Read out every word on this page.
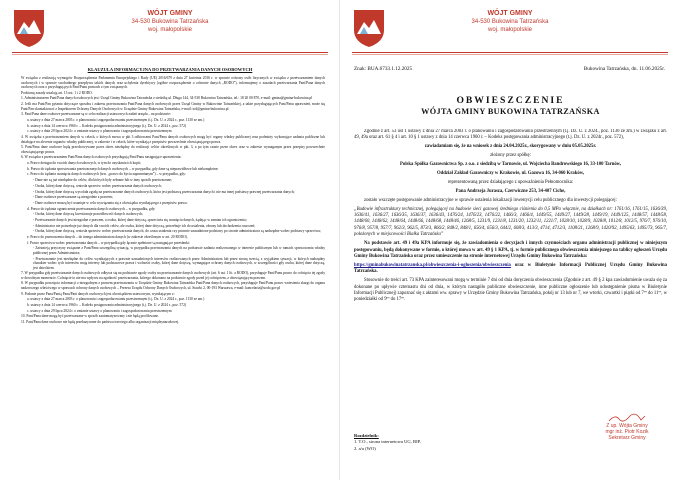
WÓJT GMINY
34-530 Bukowina Tatrzańska
woj. małopolskie
KLAUZULA INFORMACYJNA DO PRZETWARZANIA DANYCH OSOBOWYCH

W związku z realizacją wymogów Rozporządzenia Parlamentu Europejskiego i Rady (UE) 2016/679 z dnia 27 kwietnia 2016 r. w sprawie ochrony osób fizycznych w związku z przetwarzaniem danych osobowych i w sprawie swobodnego przepływu takich danych oraz uchylenia dyrektywy (ogólne rozporządzenie o ochronie danych „RODO”), informujemy o zasadach przetwarzania Pani/Pana danych osobowych oraz o przysługujących Pani/Panu prawach z tym związanych.

Podstawę zasady ustalają art. 13 ust. 1 i 2 RODO.

1. Administratorem Pani/Pana danych osobowych jest: Urząd Gminy Bukowina Tatrzańska z siedzibą ul. Długa 144, 34-530 Bukowina Tatrzańska, tel.: 18 20 00 870, e-mail: gmina@gmina-bukowina.pl

2. Jeśli ma Pani/Pan pytania dotyczące sposobu i zakresu przetwarzania Pani/Pana danych osobowych przez Urząd Gminy w Bukowinie Tatrzańskiej, a także przysługujących Pani/Panu uprawnień, może się Pani/Pan skontaktować z Inspektorem Ochrony Danych Osobowych w Urzędzie Gminy Bukowina Tatrzańska, e-mail: iod@gmina-bukowina.pl

3. Pani/Pana dane osobowe przetwarzane są w celu realizacji ustawowych zadań urzędu – na podstawie:

a. ustawy z dnia 27 marca 2003 r. o planowaniu i zagospodarowaniu przestrzennym (t.j. Dz. U. z 2024 r., poz. 1130 ze zm.)

b. ustawy z dnia 14 czerwca 1960 r. – Kodeks postępowania administracyjnego (t.j. Dz. U. z 2024 r., poz. 572)

c. ustawy z dnia 29 lipca 2024 r. o zmianie ustawy o planowaniu i zagospodarowaniu przestrzennym

4. W związku z przetwarzaniem danych w celach, o których mowa w pkt 3 odbiorcami Pani/Pana danych osobowych mogą być organy władzy publicznej oraz podmioty wykonujące zadania publiczne lub działające na zlecenie organów władzy publicznej, w zakresie i w celach, które wynikają z przepisów powszechnie obowiązującego prawa.

5. Pani/Pana dane osobowe będą przechowywane przez okres niezbędny do realizacji celów określonych w pkt. 3, a po tym czasie przez okres oraz w zakresie wymaganym przez przepisy powszechnie obowiązującego prawa.

6. W związku z przetwarzaniem Pani/Pana danych osobowych przysługują Pani/Panu następujące uprawnienia:

a. Prawo dostępu do swoich danych osobowych, w tym do uzyskania ich kopii;

b. Prawo do żądania sprostowania przetwarzanych danych osobowych – w przypadku, gdy dane są nieprawidłowe lub niekompletne;

c. Prawo do żądania usunięcia danych osobowych (tzw. „prawo do bycia zapomnianym”) – w przypadku, gdy:

- Dane nie są już niezbędne do celów, dla których były zebrane lub w inny sposób przetwarzane;

- Osoba, której dane dotyczą, wniosła sprzeciw wobec przetwarzania danych osobowych;

- Osoba, której dane dotyczą wycofała zgodę na przetwarzanie danych osobowych, która jest podstawą przetwarzania danych i nie ma innej podstawy prawnej przetwarzania danych;

- Dane osobowe przetwarzane są niezgodnie z prawem;

- Dane osobowe muszą być usunięte w celu wywiązania się z obowiązku wynikającego z przepisów prawa.

d. Prawo do żądania ograniczenia przetwarzania danych osobowych – w przypadku, gdy:

- Osoba, której dane dotyczą kwestionuje prawidłowość danych osobowych;

- Przetwarzanie danych jest niezgodne z prawem, a osoba, której dane dotyczą, sprzeciwia się usunięciu danych, żądając w zamian ich ograniczenia;

- Administrator nie potrzebuje już danych dla swoich celów, ale osoba, której dane dotyczą, potrzebuje ich do ustalenia, obrony lub dochodzenia roszczeń;

- Osoba, której dane dotyczą, wniosła sprzeciw wobec przetwarzania danych, do czasu ustalenia czy prawnie uzasadnione podstawy po stronie administratora są nadrzędne wobec podstawy sprzeciwu;

e. Prawo do przenoszenia danych – do innego administratora danych (w zakresie określonym w art. 20 RODO).

f. Prawo sprzeciwu wobec przetwarzania danych – w przypadku gdy łącznie spełnione są następujące przesłanki:

- Zaistnieją przyczyny związane z Pani/Pana szczególną sytuacją, w przypadku przetwarzania danych na podstawie zadania realizowanego w interesie publicznym lub w ramach sprawowania władzy publicznej przez Administratora;

- Przetwarzanie jest niezbędne do celów wynikających z prawnie uzasadnionych interesów realizowanych przez Administratora lub przez stronę trzecią, z wyjątkiem sytuacji, w których nadrzędny charakter wobec tych interesów mają interesy lub podstawowe prawa i wolności osoby, której dane dotyczą, wymagające ochrony danych osobowych, w szczególności gdy osoba, której dane dotyczą, jest dzieckiem.

7. W przypadku gdy przetwarzanie danych osobowych odbywa się na podstawie zgody osoby na przetwarzanie danych osobowych (art. 6 ust. 1 lit. a RODO), przysługuje Pani/Panu prawo do cofnięcia tej zgody w dowolnym momencie. Cofnięcie to nie ma wpływu na zgodność przetwarzania, którego dokonano na podstawie zgody przed jej cofnięciem, z obowiązującym prawem.

8. W przypadku powzięcia informacji o niezgodnym z prawem przetwarzaniu w Urzędzie Gminy Bukowina Tatrzańska Pani/Pana danych osobowych, przysługuje Pani/Panu prawo wniesienia skargi do organu nadzorczego właściwego w sprawach ochrony danych osobowych – Prezesa Urzędu Ochrony Danych Osobowych, ul. Stawki 2, 00-193 Warszawa, e-mail: kancelaria@uodo.gov.pl

9. Podanie przez Pana/Panią Pana/Pani danych osobowych jest obowiązkiem ustawowym, wynikającym z:

a. ustawy z dnia 27 marca 2003 r. o planowaniu i zagospodarowaniu przestrzennym (t.j. Dz. U. z 2024 r., poz. 1130 ze zm.)

b. ustawy z dnia 14 czerwca 1960 r. – Kodeks postępowania administracyjnego (t.j. Dz. U. z 2024 r., poz. 572)

c. ustawy z dnia 29 lipca 2024 r. o zmianie ustawy o planowaniu i zagospodarowaniu przestrzennym

10. Pani/Pana dane mogą być przetwarzane w sposób zautomatyzowany i nie będą profilowane.

11. Pani/Pana dane osobowe nie będą przekazywane do państwa trzeciego albo organizacji międzynarodowej.

WÓJT GMINY
34-530 Bukowina Tatrzańska
woj. małopolskie
Znak: BUA.6733.1.12.2025	Bukowina Tatrzańska, dn. 11.06.2025r.
OBWIESZCZENIE
WÓJTA GMINY BUKOWINA TATRZAŃSKA

Zgodnie z art. 53 ust 1 ustawy z dnia 27 marca 2003 r. o planowaniu i zagospodarowaniu przestrzennym (t.j. Dz. U. z 2024., poz. 1130 ze zm.) w związku z art. 49, 49a oraz art. 61 § 4 i art. 10 § 1 ustawy z dnia 14 czerwca 1960 r. – Kodeks postępowania administracyjnego (t.j. Dz. U. z 2024r., poz. 572),

zawiadamiam się, że na wniosek z dnia 24.04.2025r., skorygowany w dniu 05.05.2025r.

złożony przez spółkę:

Polska Spółka Gazownictwa Sp. z o.o. z siedzibą w Tarnowie, ul. Wojciecha Bandrowskiego 16, 33-100 Tarnów,

Oddział Zakład Gazowniczy w Krakowie, ul. Gazowa 16, 34-060 Kraków,

reprezentowaną przez działającego z upoważnienia Pełnomocnika:

Pana Andrzeja Jurasza, Czerwiczne 253, 34-407 Ciche,

zostało wszczęte postępowanie administracyjne w sprawie ustalenia lokalizacji inwestycji celu publicznego dla inwestycji polegającej:

„Budowie infrastruktury technicznej, polegającej na budowie sieci gazowej średniego ciśnienia do 0,5 MPa włącznie, na działkach nr: 1761/16, 1761/15, 1636/39, 1636/41, 1636/27, 1636/35, 1636/37, 1636/43, 1476/24, 1476/23, 1476/22, 1466/3, 1466/4, 1449/55, 1449/27, 1449/28, 1449/19, 1449/125, 1448/57, 1448/58, 1448/60, 1448/62, 1448/64, 1448/66, 1448/68, 1448/46, 1268/5, 1231/9, 1231/8, 1231/20, 1232/11, 1221/7, 1028/10, 1028/9, 1028/8, 1012/8, 1012/5, 976/7, 976/10, 976/8, 957/8, 957/7, 962/3, 962/5, 873/3, 866/2, 848/2, 848/1, 656/4, 656/3, 644/2, 608/3, 413/3, 4714, 4712/3, 1108/21, 1268/9, 1420/92, 1495/63, 1495/73, 965/7, położonych w miejscowości Białka Tatrzańska”

Na podstawie art. 49 i 49a KPA informuje się, że zawiadomienia o decyzjach i innych czynnościach organu administracji publicznej w niniejszym postępowaniu, będą dokonywane w formie, o której mowa w art. 49 § 1 KPA, tj. w formie publicznego obwieszczenia niniejszego na tablicy ogłoszeń Urzędu Gminy Bukowina Tatrzańska oraz przez umieszczenie na stronie internetowej Urzędu Gminy Bukowina Tatrzańska:

https://gminabukowinatatrzanska.pl/obwieszczenia-i-ogloszenia/obwieszczenia oraz w Biuletynie Informacji Publicznej Urzędu Gminy Bukowina Tatrzańska.

Stosownie do treści art. 73 KPA zainteresowani mogą w terminie 7 dni od dnia doręczenia obwieszczenia (Zgodnie z art. 49 § 2 kpa zawiadomienie uważa się za dokonane po upływie czternastu dni od dnia, w którym nastąpiło publiczne obwieszczenie, inne publiczne ogłoszenie lub udostępnienie pisma w Biuletynie Informacji Publicznej) zapoznać się z aktami ww. sprawy w Urzędzie Gminy Bukowina Tatrzańska, pokój nr 13 lub nr 7, we wtorki, czwartki i piątki od 7ºº do 11ºº, w poniedziałki od 9ºº do 17ºº.

Z up. Wójta Gminy
mgr inż. Piotr Kozik
Sekretarz Gminy
Rozdzielnik:
1. T.O., strona internetowa UG, BIP,
2. a/a (WO)
